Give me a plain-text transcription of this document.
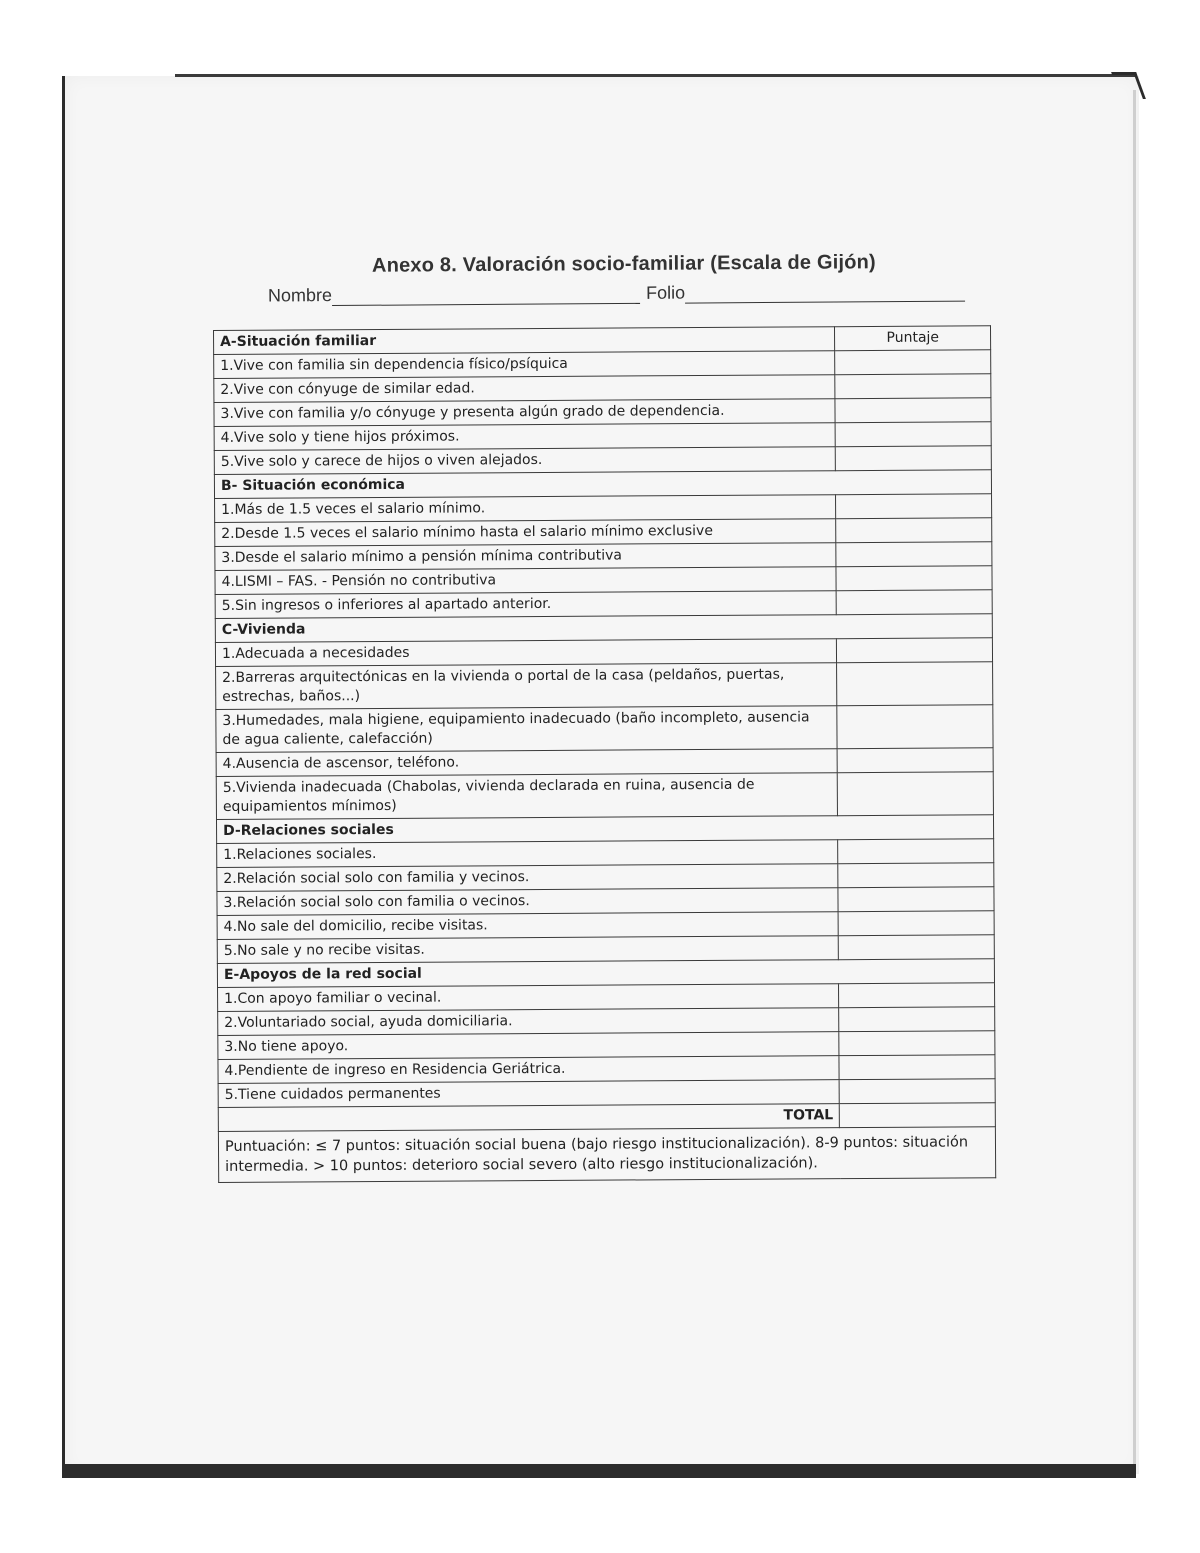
Anexo 8. Valoración socio-familiar (Escala de Gijón)
Nombre	Folio
A-Situación familiar	Puntaje
1.Vive con familia sin dependencia físico/psíquica	
2.Vive con cónyuge de similar edad.	
3.Vive con familia y/o cónyuge y presenta algún grado de dependencia.	
4.Vive solo y tiene hijos próximos.	
5.Vive solo y carece de hijos o viven alejados.	
B- Situación económica	
1.Más de 1.5 veces el salario mínimo.	
2.Desde 1.5 veces el salario mínimo hasta el salario mínimo exclusive	
3.Desde el salario mínimo a pensión mínima contributiva	
4.LISMI – FAS. - Pensión no contributiva	
5.Sin ingresos o inferiores al apartado anterior.	
C-Vivienda	
1.Adecuada a necesidades	
2.Barreras arquitectónicas en la vivienda o portal de la casa (peldaños, puertas, estrechas, baños...)	
3.Humedades, mala higiene, equipamiento inadecuado (baño incompleto, ausencia de agua caliente, calefacción)	
4.Ausencia de ascensor, teléfono.	
5.Vivienda inadecuada (Chabolas, vivienda declarada en ruina, ausencia de equipamientos mínimos)	
D-Relaciones sociales	
1.Relaciones sociales.	
2.Relación social solo con familia y vecinos.	
3.Relación social solo con familia o vecinos.	
4.No sale del domicilio, recibe visitas.	
5.No sale y no recibe visitas.	
E-Apoyos de la red social	
1.Con apoyo familiar o vecinal.	
2.Voluntariado social, ayuda domiciliaria.	
3.No tiene apoyo.	
4.Pendiente de ingreso en Residencia Geriátrica.	
5.Tiene cuidados permanentes	
TOTAL	
Puntuación: ≤ 7 puntos: situación social buena (bajo riesgo institucionalización). 8-9 puntos: situación intermedia. > 10 puntos: deterioro social severo (alto riesgo institucionalización).	
